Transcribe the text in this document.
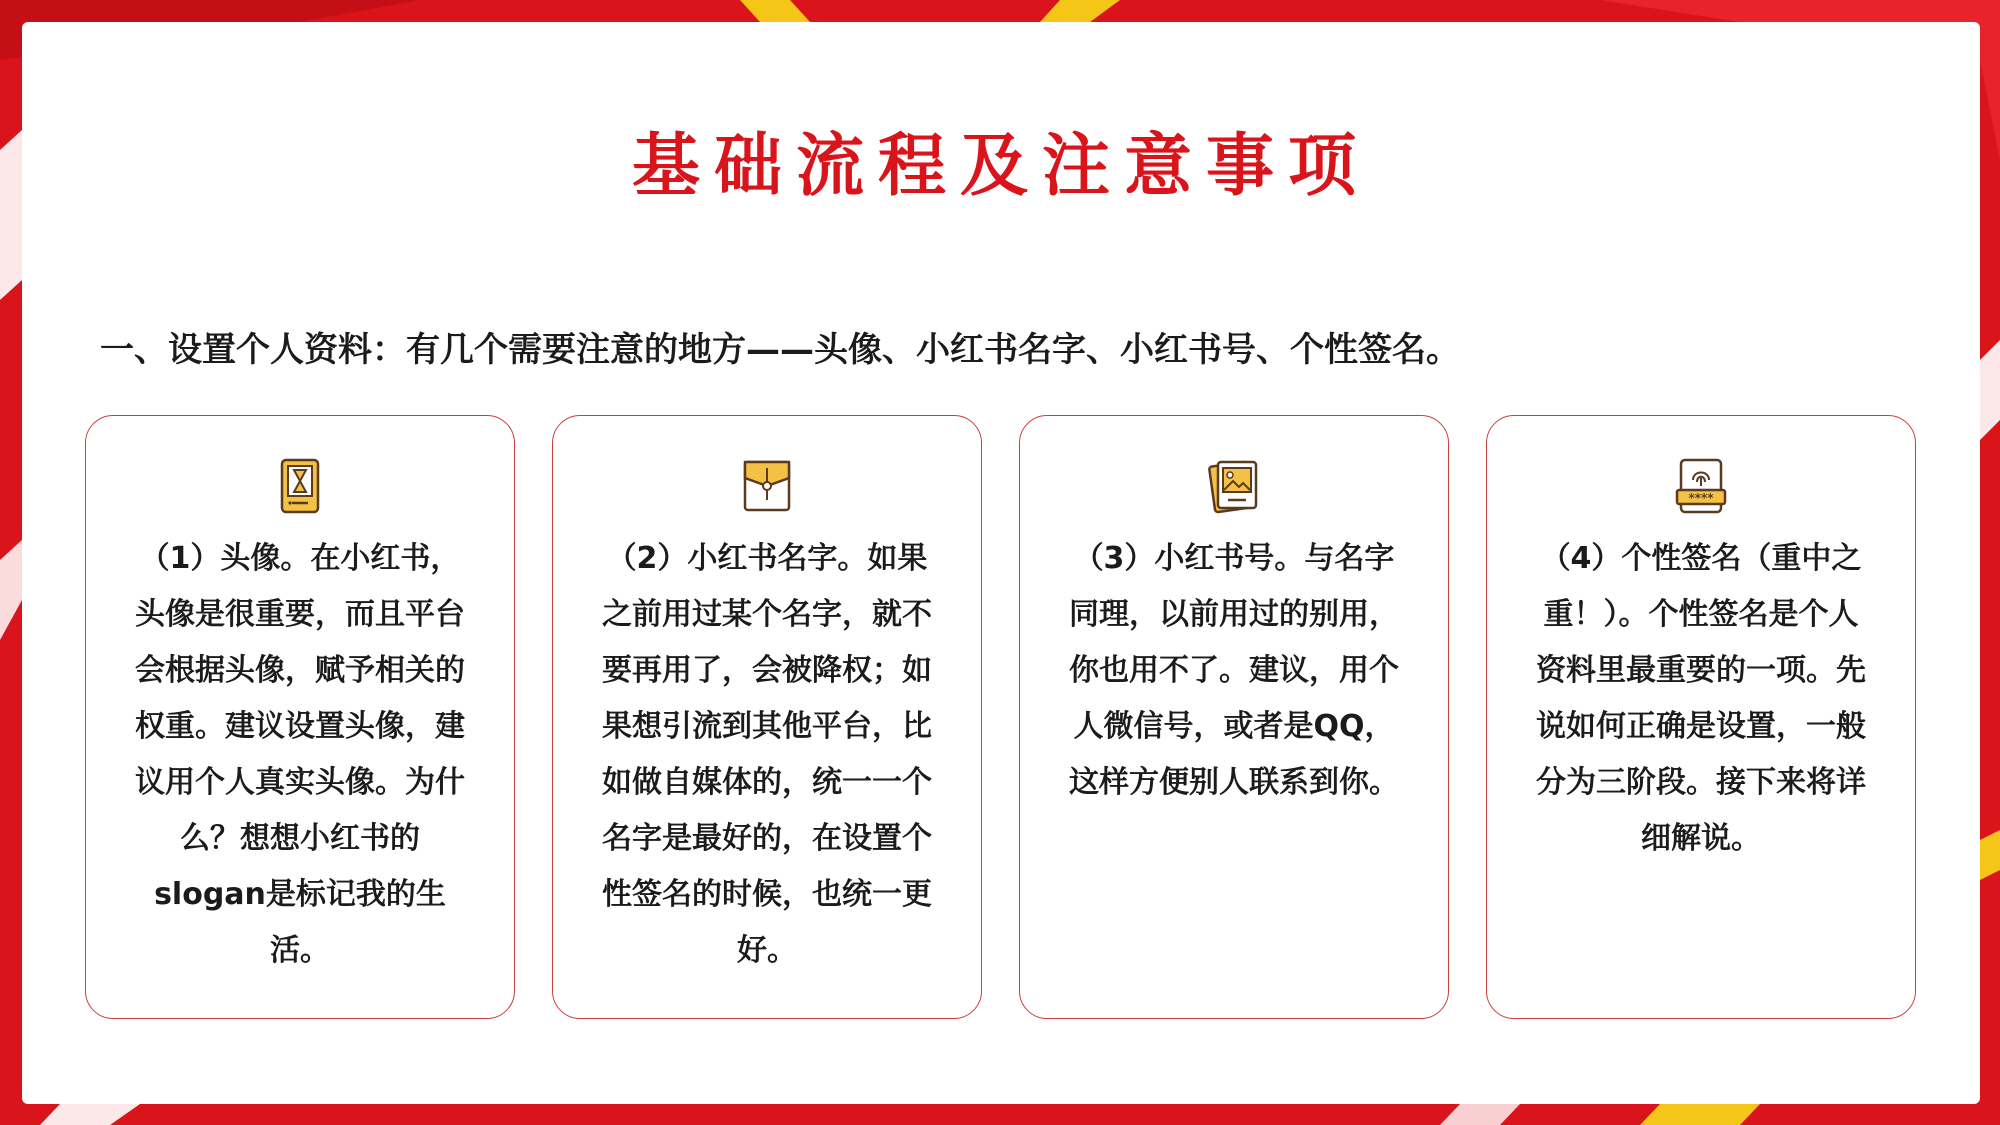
基础流程及注意事项

一、设置个人资料：有几个需要注意的地方——头像、小红书名字、小红书号、个性签名。

（1）头像。在小红书，头像是很重要，而且平台会根据头像，赋予相关的权重。建议设置头像，建议用个人真实头像。为什么？想想小红书的slogan是标记我的生活。

（2）小红书名字。如果之前用过某个名字，就不要再用了，会被降权；如果想引流到其他平台，比如做自媒体的，统一一个名字是最好的，在设置个性签名的时候，也统一更好。

（3）小红书号。与名字同理，以前用过的别用，你也用不了。建议，用个人微信号，或者是QQ，这样方便别人联系到你。

****

（4）个性签名（重中之重！）。个性签名是个人资料里最重要的一项。先说如何正确是设置，一般分为三阶段。接下来将详细解说。
